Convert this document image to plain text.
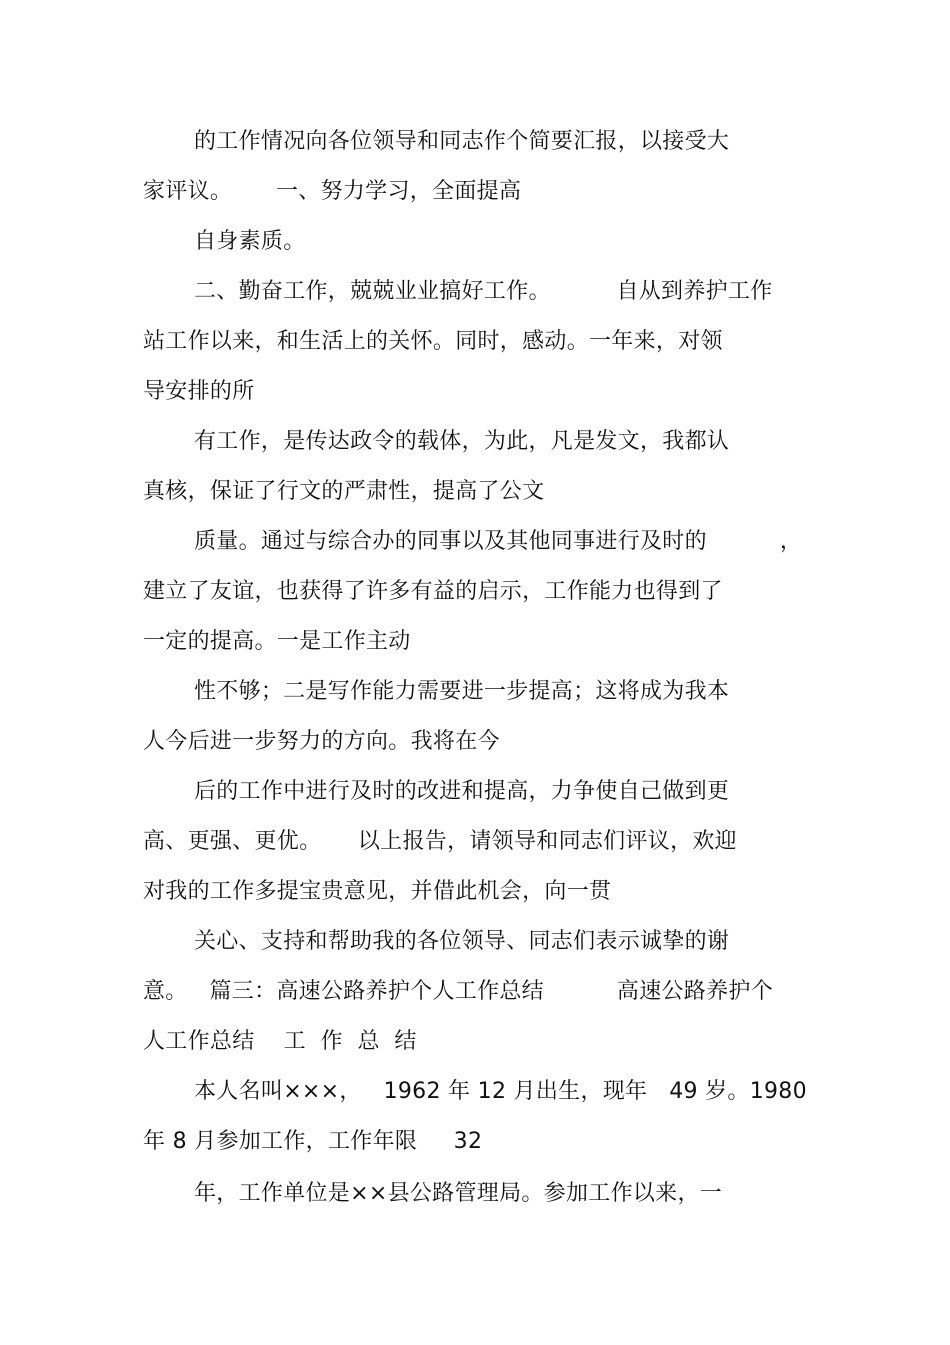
的工作情况向各位领导和同志作个简要汇报，以接受大
家评议。      一、努力学习，全面提高
自身素质。
二、勤奋工作，兢兢业业搞好工作。         自从到养护工作
站工作以来，和生活上的关怀。同时，感动。一年来，对领
导安排的所
有工作，是传达政令的载体，为此，凡是发文，我都认
真核，保证了行文的严肃性，提高了公文
质量。通过与综合办的同事以及其他同事进行及时的          ，
建立了友谊，也获得了许多有益的启示，工作能力也得到了
一定的提高。一是工作主动
性不够；二是写作能力需要进一步提高；这将成为我本
人今后进一步努力的方向。我将在今
后的工作中进行及时的改进和提高，力争使自己做到更
高、更强、更优。     以上报告，请领导和同志们评议，欢迎
对我的工作多提宝贵意见，并借此机会，向一贯
关心、支持和帮助我的各位领导、同志们表示诚挚的谢
意。   篇三：高速公路养护个人工作总结          高速公路养护个
人工作总结    工  作  总  结
本人名叫×××，   1962 年 12 月出生，现年   49 岁。1980
年 8 月参加工作，工作年限     32
年，工作单位是××县公路管理局。参加工作以来，一
